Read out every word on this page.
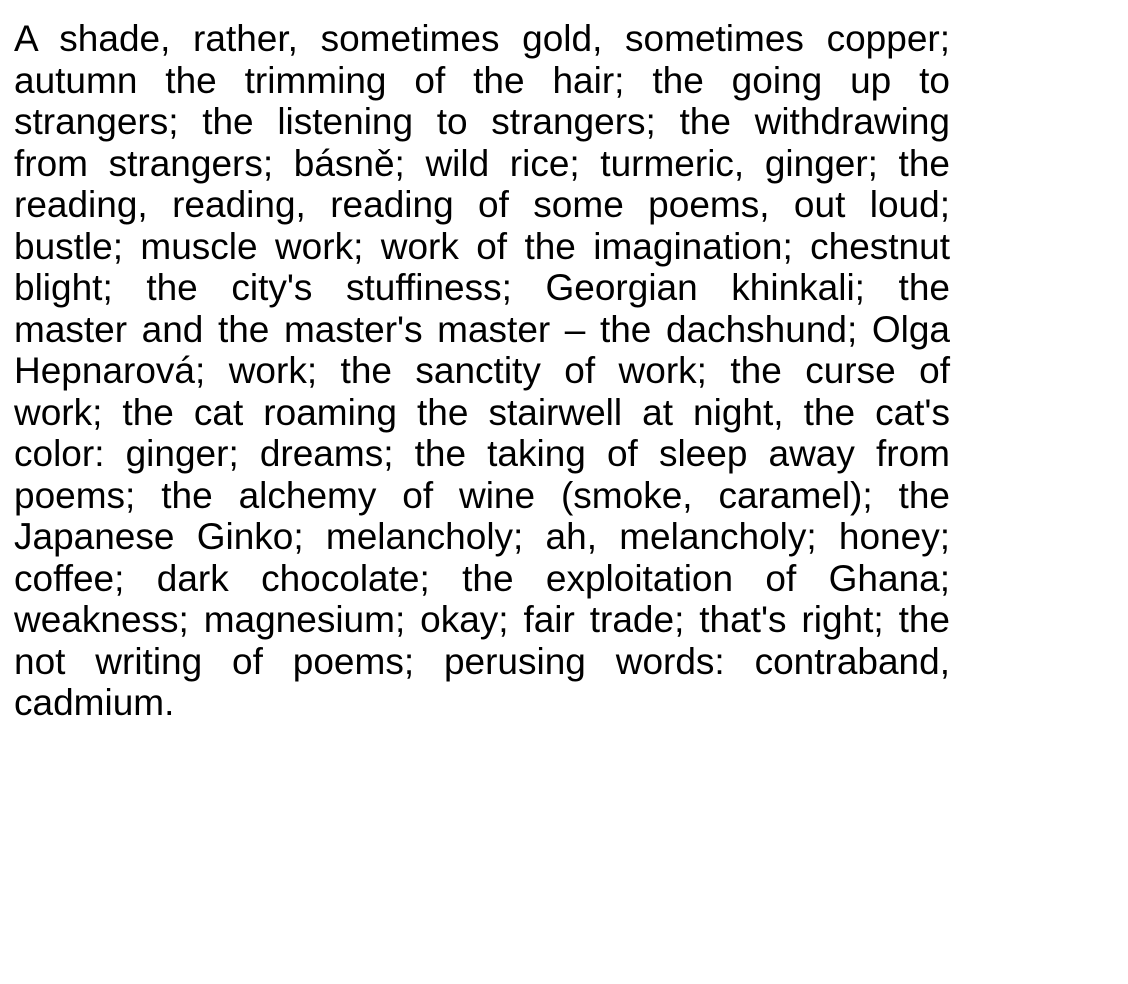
A shade, rather, sometimes gold, sometimes copper;
autumn the trimming of the hair; the going up to
strangers; the listening to strangers; the withdrawing
from strangers; básně; wild rice; turmeric, ginger; the
reading, reading, reading of some poems, out loud;
bustle; muscle work; work of the imagination; chestnut
blight; the city's stuffiness; Georgian khinkali; the
master and the master's master – the dachshund; Olga
Hepnarová; work; the sanctity of work; the curse of
work; the cat roaming the stairwell at night, the cat's
color: ginger; dreams; the taking of sleep away from
poems; the alchemy of wine (smoke, caramel); the
Japanese Ginko; melancholy; ah, melancholy; honey;
coffee; dark chocolate; the exploitation of Ghana;
weakness; magnesium; okay; fair trade; that's right; the
not writing of poems; perusing words: contraband,
cadmium.
